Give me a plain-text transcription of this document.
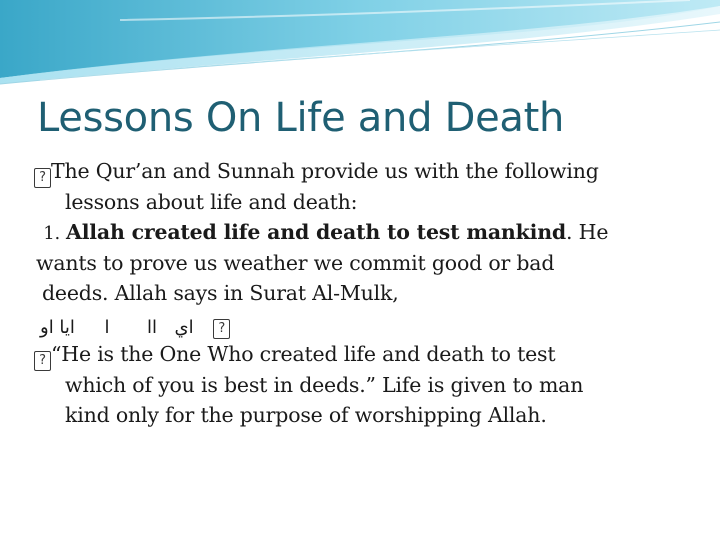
Lessons On Life and Death
? The Qur’an and Sunnah provide us with the following
lessons about life and death:
1. Allah created life and death to test mankind. He
wants to prove us weather we commit good or bad
deeds. Allah says in Surat Al-Mulk,
ايا او ا اا اي ?
? “He is the One Who created life and death to test
which of you is best in deeds.” Life is given to man
kind only for the purpose of worshipping Allah.
